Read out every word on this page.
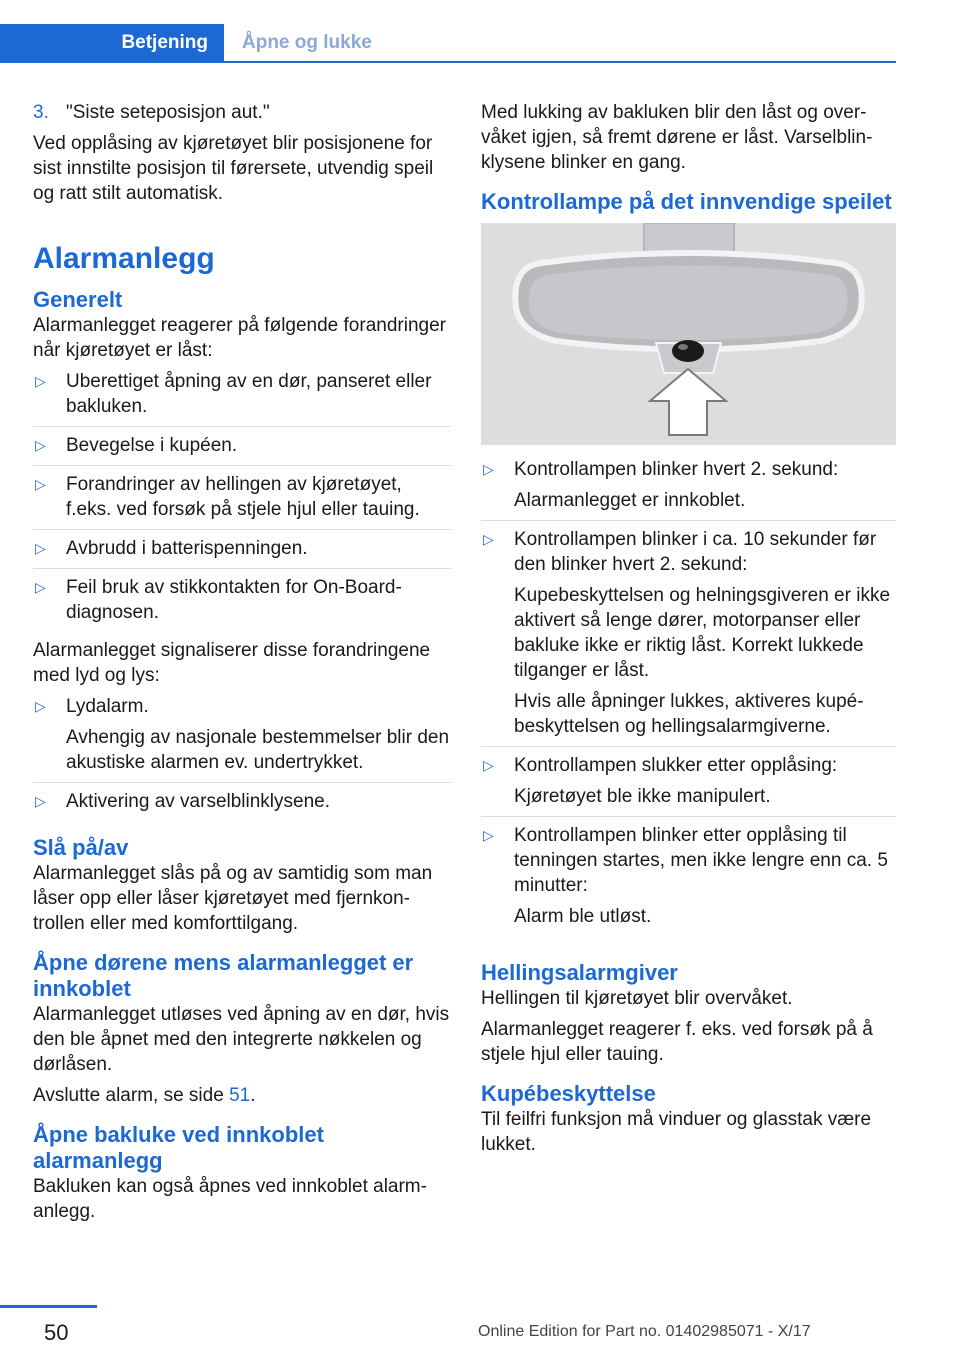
Betjening	Åpne og lukke
3. "Siste seteposisjon aut."

Ved opplåsing av kjøretøyet blir posisjonene for sist innstilte posisjon til førersete, utvendig speil og ratt stilt automatisk.

Alarmanlegg
Generelt

Alarmanlegget reagerer på følgende forandringer når kjøretøyet er låst:

▷ Uberettiget åpning av en dør, panseret eller bakluken.
▷ Bevegelse i kupéen.
▷ Forandringer av hellingen av kjøretøyet, f.eks. ved forsøk på stjele hjul eller tauing.
▷ Avbrudd i batterispenningen.
▷ Feil bruk av stikkontakten for On-Board-diagnosen.

Alarmanlegget signaliserer disse forandringene med lyd og lys:

▷ Lydalarm.

Avhengig av nasjonale bestemmelser blir den akustiske alarmen ev. undertrykket.

▷ Aktivering av varselblinklysene.
Slå på/av

Alarmanlegget slås på og av samtidig som man låser opp eller låser kjøretøyet med fjernkontrollen eller med komforttilgang.

Åpne dørene mens alarmanlegget er innkoblet

Alarmanlegget utløses ved åpning av en dør, hvis den ble åpnet med den integrerte nøkkelen og dørlåsen.

Avslutte alarm, se side 51.

Åpne bakluke ved innkoblet alarmanlegg

Bakluken kan også åpnes ved innkoblet alarmanlegg.

Med lukking av bakluken blir den låst og overvåket igjen, så fremt dørene er låst. Varselblinklysene blinker en gang.

Kontrollampe på det innvendige speilet
▷ Kontrollampen blinker hvert 2. sekund:

Alarmanlegget er innkoblet.

▷ Kontrollampen blinker i ca. 10 sekunder før den blinker hvert 2. sekund:

Kupebeskyttelsen og helningsgiveren er ikke aktivert så lenge dører, motorpanser eller bakluke ikke er riktig låst. Korrekt lukkede tilganger er låst.

Hvis alle åpninger lukkes, aktiveres kupébeskyttelsen og hellingsalarmgiverne.

▷ Kontrollampen slukker etter opplåsing:

Kjøretøyet ble ikke manipulert.

▷ Kontrollampen blinker etter opplåsing til tenningen startes, men ikke lengre enn ca. 5 minutter:

Alarm ble utløst.

Hellingsalarmgiver

Hellingen til kjøretøyet blir overvåket.

Alarmanlegget reagerer f. eks. ved forsøk på å stjele hjul eller tauing.

Kupébeskyttelse

Til feilfri funksjon må vinduer og glasstak være lukket.

50	Online Edition for Part no. 01402985071 - X/17
